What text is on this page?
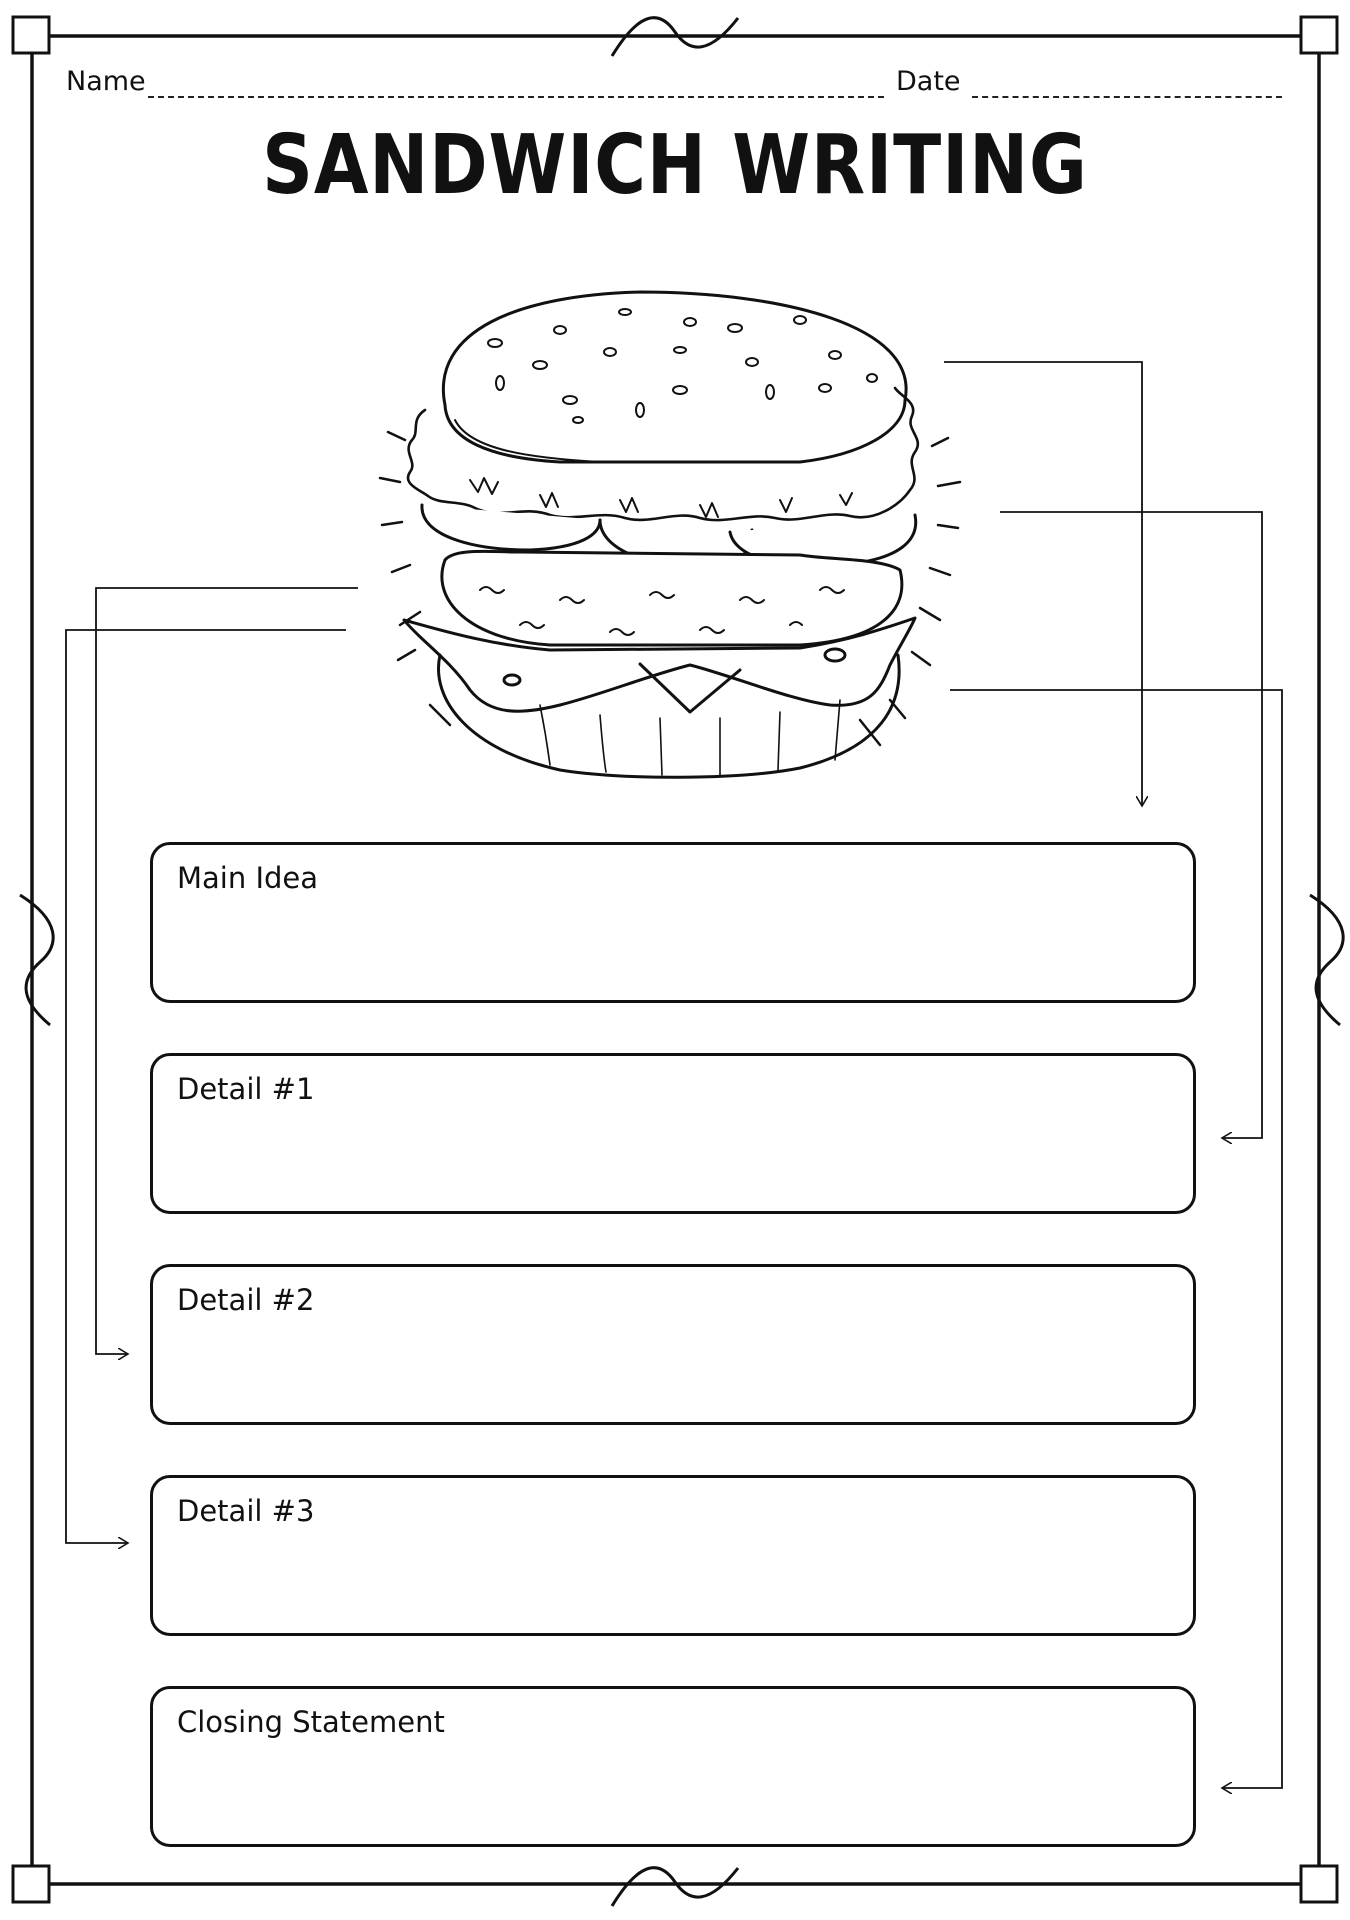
Name	Date
SANDWICH WRITING
Main Idea
Detail #1
Detail #2
Detail #3
Closing Statement
